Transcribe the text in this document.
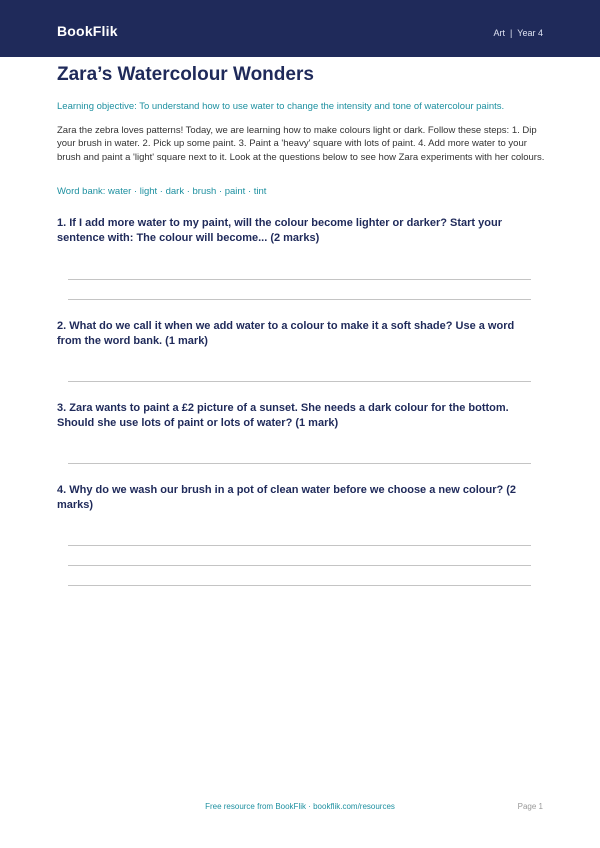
BookFlik	Art | Year 4
Zara’s Watercolour Wonders
Learning objective: To understand how to use water to change the intensity and tone of watercolour paints.
Zara the zebra loves patterns! Today, we are learning how to make colours light or dark. Follow these steps: 1. Dip your brush in water. 2. Pick up some paint. 3. Paint a 'heavy' square with lots of paint. 4. Add more water to your brush and paint a 'light' square next to it. Look at the questions below to see how Zara experiments with her colours.
Word bank: water · light · dark · brush · paint · tint
1. If I add more water to my paint, will the colour become lighter or darker? Start your sentence with: The colour will become... (2 marks)
2. What do we call it when we add water to a colour to make it a soft shade? Use a word from the word bank. (1 mark)
3. Zara wants to paint a £2 picture of a sunset. She needs a dark colour for the bottom. Should she use lots of paint or lots of water? (1 mark)
4. Why do we wash our brush in a pot of clean water before we choose a new colour? (2 marks)
Free resource from BookFlik · bookflik.com/resources	Page 1
